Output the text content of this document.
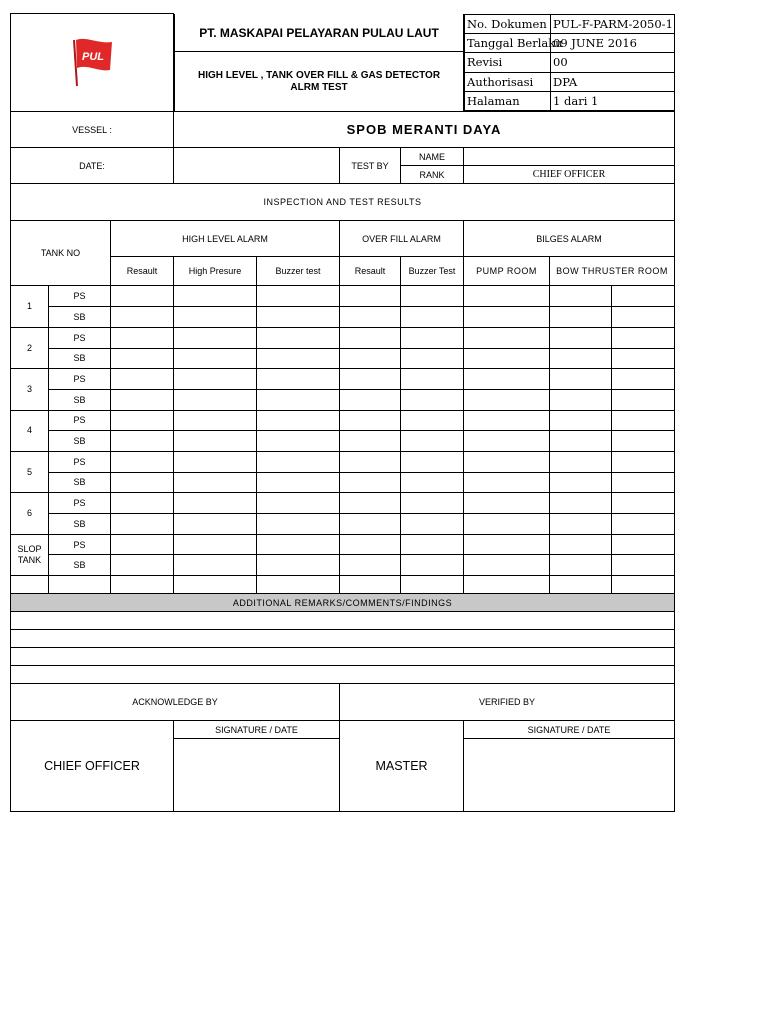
PUL

PT. MASKAPAI PELAYARAN PULAU LAUT
HIGH LEVEL , TANK OVER FILL & GAS DETECTOR ALRM TEST

No. Dokumen	PUL-F-PARM-2050-1
Tanggal Berlaku	09 JUNE 2016
Revisi	00
Authorisasi	DPA
Halaman	1 dari 1

VESSEL :	SPOB MERANTI DAYA
DATE:		TEST BY	NAME	
RANK	CHIEF OFFICER
INSPECTION AND TEST RESULTS
TANK NO	HIGH LEVEL ALARM	OVER FILL ALARM	BILGES ALARM
Resault	High Presure	Buzzer test	Resault	Buzzer Test	PUMP ROOM	BOW THRUSTER ROOM
1	PS								
SB								
2	PS								
SB								
3	PS								
SB								
4	PS								
SB								
5	PS								
SB								
6	PS								
SB								
SLOP TANK	PS								
SB								

ADDITIONAL REMARKS/COMMENTS/FINDINGS

ACKNOWLEDGE BY	VERIFIED BY
CHIEF OFFICER	SIGNATURE / DATE	MASTER	SIGNATURE / DATE
